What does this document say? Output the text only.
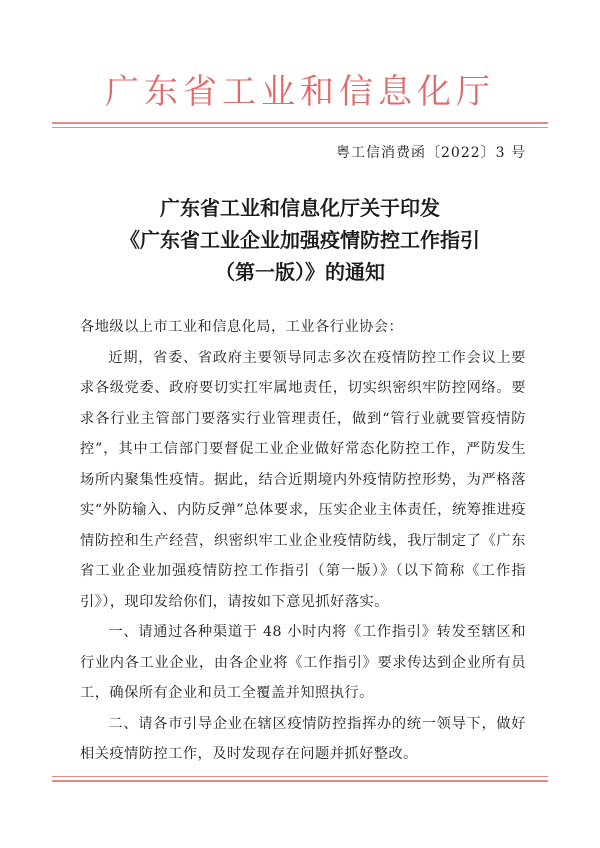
广东省工业和信息化厅
粤工信消费函〔2022〕3 号
广东省工业和信息化厅关于印发
《广东省工业企业加强疫情防控工作指引
（第一版）》的通知

各地级以上市工业和信息化局，工业各行业协会：

近期，省委、省政府主要领导同志多次在疫情防控工作会议上要求各级党委、政府要切实扛牢属地责任，切实织密织牢防控网络。要求各行业主管部门要落实行业管理责任，做到“管行业就要管疫情防控”，其中工信部门要督促工业企业做好常态化防控工作，严防发生场所内聚集性疫情。据此，结合近期境内外疫情防控形势，为严格落实“外防输入、内防反弹”总体要求，压实企业主体责任，统筹推进疫情防控和生产经营，织密织牢工业企业疫情防线，我厅制定了《广东省工业企业加强疫情防控工作指引（第一版）》（以下简称《工作指引》），现印发给你们，请按如下意见抓好落实。

一、请通过各种渠道于 48 小时内将《工作指引》转发至辖区和行业内各工业企业，由各企业将《工作指引》要求传达到企业所有员工，确保所有企业和员工全覆盖并知照执行。

二、请各市引导企业在辖区疫情防控指挥办的统一领导下，做好相关疫情防控工作，及时发现存在问题并抓好整改。
